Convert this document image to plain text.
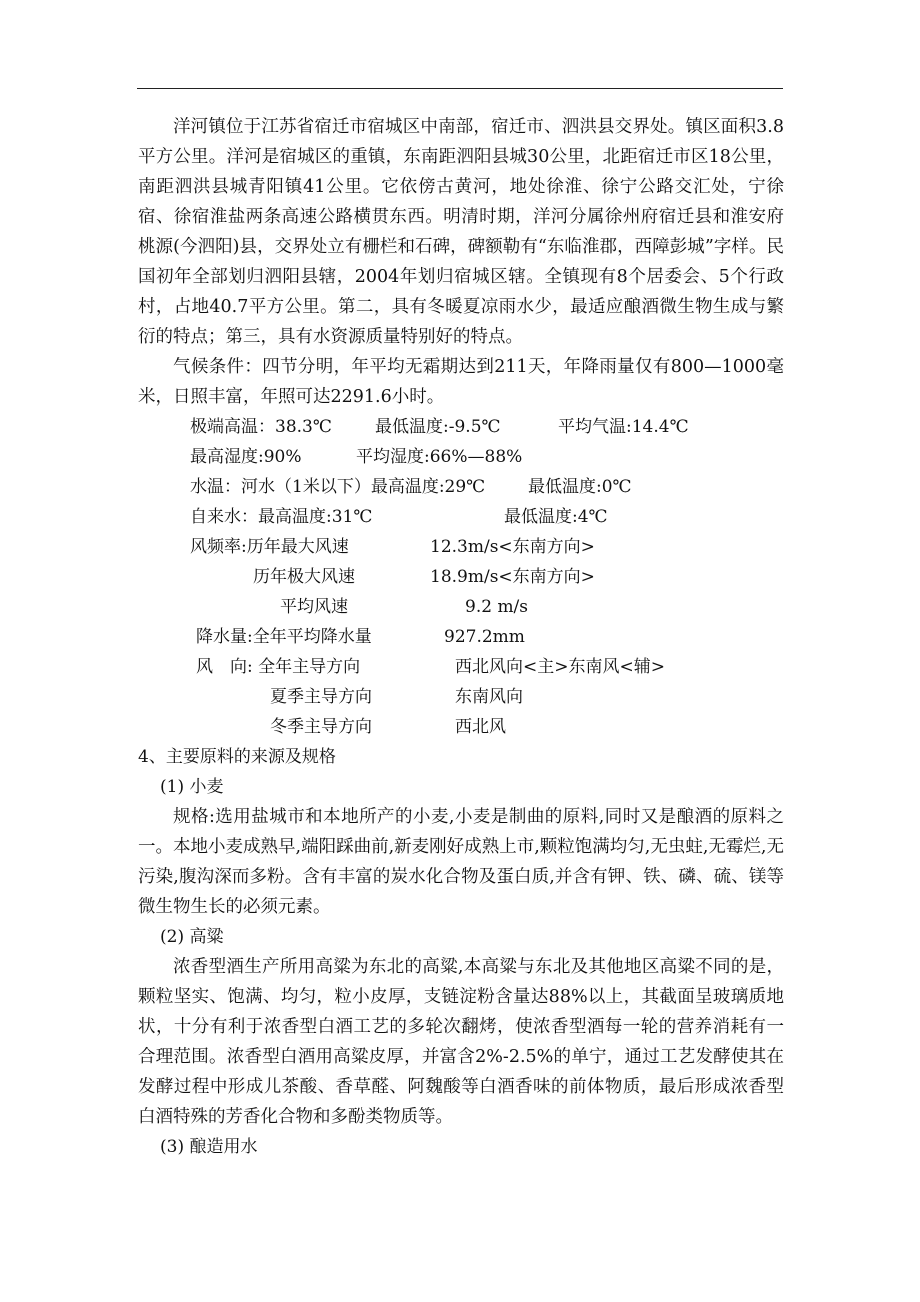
洋河镇位于江苏省宿迁市宿城区中南部，宿迁市、泗洪县交界处。镇区面积3.8平方公里。洋河是宿城区的重镇，东南距泗阳县城30公里，北距宿迁市区18公里，南距泗洪县城青阳镇41公里。它依傍古黄河，地处徐淮、徐宁公路交汇处，宁徐宿、徐宿淮盐两条高速公路横贯东西。明清时期，洋河分属徐州府宿迁县和淮安府桃源(今泗阳)县，交界处立有栅栏和石碑，碑额勒有“东临淮郡，西障彭城”字样。民国初年全部划归泗阳县辖，2004年划归宿城区辖。全镇现有8个居委会、5个行政村，占地40.7平方公里。第二，具有冬暖夏凉雨水少，最适应酿酒微生物生成与繁衍的特点；第三，具有水资源质量特别好的特点。

气候条件：四节分明，年平均无霜期达到211天，年降雨量仅有800—1000毫米，日照丰富，年照可达2291.6小时。

极端高温：38.3℃	最低温度:-9.5℃	平均气温:14.4℃
最高湿度:90%	平均湿度:66%—88%
水温：河水（1米以下）最高温度:29℃	最低温度:0℃
自来水：最高温度:31℃	最低温度:4℃
风频率:历年最大风速	12.3m/s<东南方向>
历年极大风速	18.9m/s<东南方向>
平均风速	9.2 m/s
降水量:全年平均降水量	927.2mm
风　向: 全年主导方向	西北风向<主>东南风<辅>
夏季主导方向	东南风向
冬季主导方向	西北风

4、主要原料的来源及规格

(1) 小麦

规格:选用盐城市和本地所产的小麦,小麦是制曲的原料,同时又是酿酒的原料之一。本地小麦成熟早,端阳踩曲前,新麦刚好成熟上市,颗粒饱满均匀,无虫蛀,无霉烂,无污染,腹沟深而多粉。含有丰富的炭水化合物及蛋白质,并含有钾、铁、磷、硫、镁等微生物生长的必须元素。

(2) 高粱

浓香型酒生产所用高粱为东北的高粱,本高粱与东北及其他地区高粱不同的是，颗粒坚实、饱满、均匀，粒小皮厚，支链淀粉含量达88%以上，其截面呈玻璃质地状，十分有利于浓香型白酒工艺的多轮次翻烤，使浓香型酒每一轮的营养消耗有一合理范围。浓香型白酒用高粱皮厚，并富含2%-2.5%的单宁，通过工艺发酵使其在发酵过程中形成儿茶酸、香草醛、阿魏酸等白酒香味的前体物质，最后形成浓香型白酒特殊的芳香化合物和多酚类物质等。

(3) 酿造用水
